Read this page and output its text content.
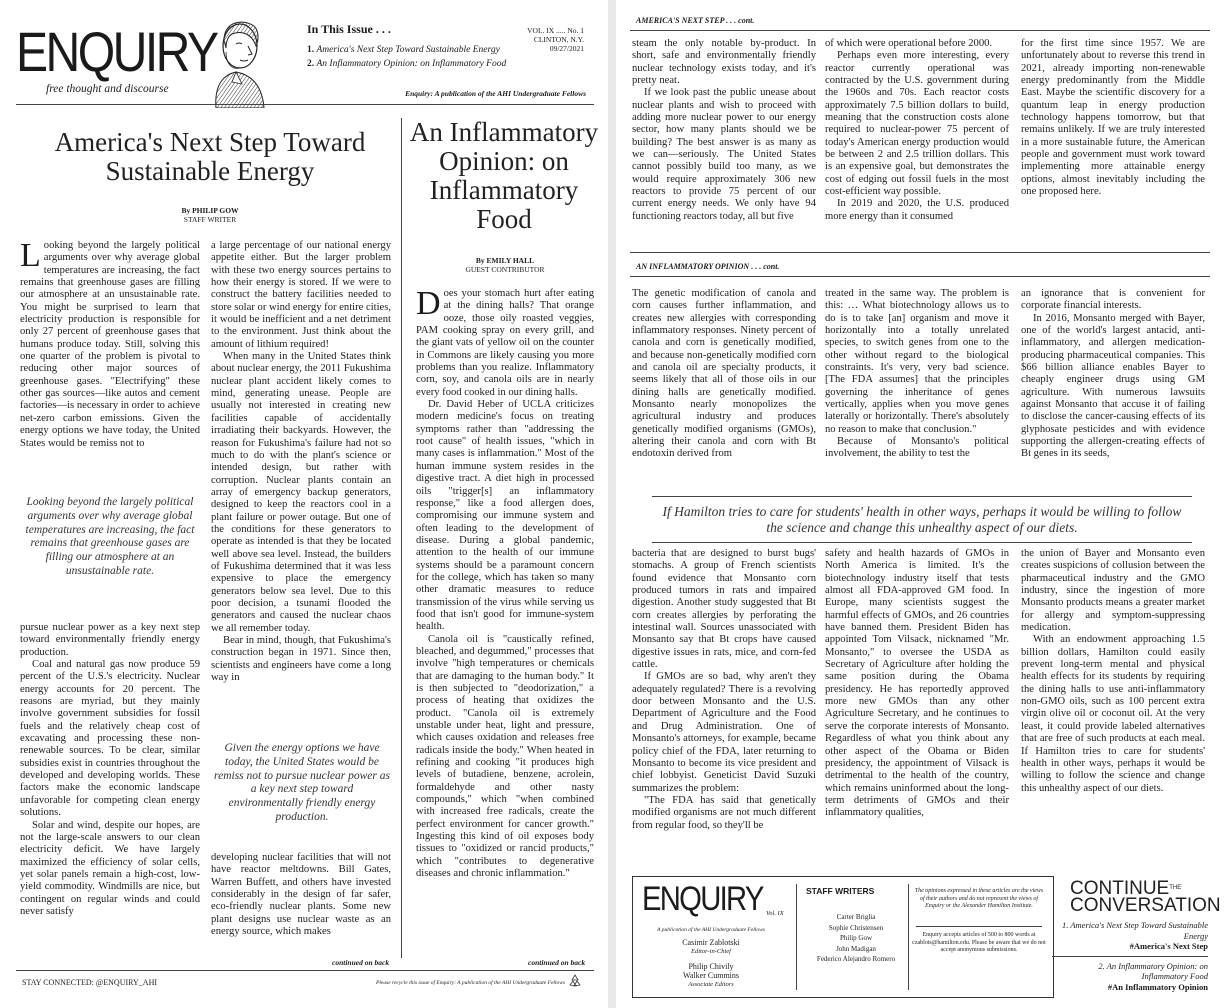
ENQUIRY
free thought and discourse
In This Issue . . .
1. America's Next Step Toward Sustainable Energy
2. An Inflammatory Opinion: on Inflammatory Food
VOL. IX ..... No. 1
CLINTON, N.Y.
09/27/2021
Enquiry: A publication of the AHI Undergraduate Fellows
America's Next Step Toward Sustainable Energy
By PHILIP GOW
STAFF WRITER

Looking beyond the largely political arguments over why average global temperatures are increasing, the fact remains that greenhouse gases are filling our atmosphere at an unsustainable rate. You might be surprised to learn that electricity production is responsible for only 27 percent of greenhouse gases that humans produce today. Still, solving this one quarter of the problem is pivotal to reducing other major sources of greenhouse gases. "Electrifying" these other gas sources—like autos and cement factories—is necessary in order to achieve net-zero carbon emissions. Given the energy options we have today, the United States would be remiss not to

Looking beyond the largely political arguments over why average global temperatures are increasing, the fact remains that greenhouse gases are filling our atmosphere at an unsustainable rate.

pursue nuclear power as a key next step toward environmentally friendly energy production.

Coal and natural gas now produce 59 percent of the U.S.'s electricity. Nuclear energy accounts for 20 percent. The reasons are myriad, but they mainly involve government subsidies for fossil fuels and the relatively cheap cost of excavating and processing these non-renewable sources. To be clear, similar subsidies exist in countries throughout the developed and developing worlds. These factors make the economic landscape unfavorable for competing clean energy solutions.

Solar and wind, despite our hopes, are not the large-scale answers to our clean electricity deficit. We have largely maximized the efficiency of solar cells, yet solar panels remain a high-cost, low-yield commodity. Windmills are nice, but contingent on regular winds and could never satisfy

a large percentage of our national energy appetite either. But the larger problem with these two energy sources pertains to how their energy is stored. If we were to construct the battery facilities needed to store solar or wind energy for entire cities, it would be inefficient and a net detriment to the environment. Just think about the amount of lithium required!

When many in the United States think about nuclear energy, the 2011 Fukushima nuclear plant accident likely comes to mind, generating unease. People are usually not interested in creating new facilities capable of accidentally irradiating their backyards. However, the reason for Fukushima's failure had not so much to do with the plant's science or intended design, but rather with corruption. Nuclear plants contain an array of emergency backup generators, designed to keep the reactors cool in a plant failure or power outage. But one of the conditions for these generators to operate as intended is that they be located well above sea level. Instead, the builders of Fukushima determined that it was less expensive to place the emergency generators below sea level. Due to this poor decision, a tsunami flooded the generators and caused the nuclear chaos we all remember today.

Bear in mind, though, that Fukushima's construction began in 1971. Since then, scientists and engineers have come a long way in

Given the energy options we have today, the United States would be remiss not to pursue nuclear power as a key next step toward environmentally friendly energy production.

developing nuclear facilities that will not have reactor meltdowns. Bill Gates, Warren Buffett, and others have invested considerably in the design of far safer, eco-friendly nuclear plants. Some new plant designs use nuclear waste as an energy source, which makes

continued on back
An Inflammatory Opinion: on Inflammatory Food
By EMILY HALL
GUEST CONTRIBUTOR

Does your stomach hurt after eating at the dining halls? That orange ooze, those oily roasted veggies, PAM cooking spray on every grill, and the giant vats of yellow oil on the counter in Commons are likely causing you more problems than you realize. Inflammatory corn, soy, and canola oils are in nearly every food cooked in our dining halls.

Dr. David Heber of UCLA criticizes modern medicine's focus on treating symptoms rather than "addressing the root cause" of health issues, "which in many cases is inflammation." Most of the human immune system resides in the digestive tract. A diet high in processed oils "trigger[s] an inflammatory response," like a food allergen does, compromising our immune system and often leading to the development of disease. During a global pandemic, attention to the health of our immune systems should be a paramount concern for the college, which has taken so many other dramatic measures to reduce transmission of the virus while serving us food that isn't good for immune-system health.

Canola oil is "caustically refined, bleached, and degummed," processes that involve "high temperatures or chemicals that are damaging to the human body." It is then subjected to "deodorization," a process of heating that oxidizes the product. "Canola oil is extremely unstable under heat, light and pressure, which causes oxidation and releases free radicals inside the body." When heated in refining and cooking "it produces high levels of butadiene, benzene, acrolein, formaldehyde and other nasty compounds," which "when combined with increased free radicals, create the perfect environment for cancer growth." Ingesting this kind of oil exposes body tissues to "oxidized or rancid products," which "contributes to degenerative diseases and chronic inflammation."

continued on back
STAY CONNECTED: @ENQUIRY_AHI	Please recycle this issue of Enquiry: A publication of the AHI Undergraduate Fellows
AMERICA'S NEXT STEP . . . cont.

steam the only notable by-product. In short, safe and environmentally friendly nuclear technology exists today, and it's pretty neat.

If we look past the public unease about nuclear plants and wish to proceed with adding more nuclear power to our energy sector, how many plants should we be building? The best answer is as many as we can—seriously. The United States cannot possibly build too many, as we would require approximately 306 new reactors to provide 75 percent of our current energy needs. We only have 94 functioning reactors today, all but five

of which were operational before 2000.

Perhaps even more interesting, every reactor currently operational was contracted by the U.S. government during the 1960s and 70s. Each reactor costs approximately 7.5 billion dollars to build, meaning that the construction costs alone required to nuclear-power 75 percent of today's American energy production would be between 2 and 2.5 trillion dollars. This is an expensive goal, but demonstrates the cost of edging out fossil fuels in the most cost-efficient way possible.

In 2019 and 2020, the U.S. produced more energy than it consumed

for the first time since 1957. We are unfortunately about to reverse this trend in 2021, already importing non-renewable energy predominantly from the Middle East. Maybe the scientific discovery for a quantum leap in energy production technology happens tomorrow, but that remains unlikely. If we are truly interested in a more sustainable future, the American people and government must work toward implementing more attainable energy options, almost inevitably including the one proposed here.

AN INFLAMMATORY OPINION . . . cont.

The genetic modification of canola and corn causes further inflammation, and creates new allergies with corresponding inflammatory responses. Ninety percent of canola and corn is genetically modified, and because non-genetically modified corn and canola oil are specialty products, it seems likely that all of those oils in our dining halls are genetically modified. Monsanto nearly monopolizes the agricultural industry and produces genetically modified organisms (GMOs), altering their canola and corn with Bt endotoxin derived from

treated in the same way. The problem is this: … What biotechnology allows us to do is to take [an] organism and move it horizontally into a totally unrelated species, to switch genes from one to the other without regard to the biological constraints. It's very, very bad science. [The FDA assumes] that the principles governing the inheritance of genes vertically, applies when you move genes laterally or horizontally. There's absolutely no reason to make that conclusion."

Because of Monsanto's political involvement, the ability to test the

an ignorance that is convenient for corporate financial interests.

In 2016, Monsanto merged with Bayer, one of the world's largest antacid, anti-inflammatory, and allergen medication-producing pharmaceutical companies. This $66 billion alliance enables Bayer to cheaply engineer drugs using GM agriculture. With numerous lawsuits against Monsanto that accuse it of failing to disclose the cancer-causing effects of its glyphosate pesticides and with evidence supporting the allergen-creating effects of Bt genes in its seeds,

If Hamilton tries to care for students' health in other ways, perhaps it would be willing to follow the science and change this unhealthy aspect of our diets.

bacteria that are designed to burst bugs' stomachs. A group of French scientists found evidence that Monsanto corn produced tumors in rats and impaired digestion. Another study suggested that Bt corn creates allergies by perforating the intestinal wall. Sources unassociated with Monsanto say that Bt crops have caused digestive issues in rats, mice, and corn-fed cattle.

If GMOs are so bad, why aren't they adequately regulated? There is a revolving door between Monsanto and the U.S. Department of Agriculture and the Food and Drug Administration. One of Monsanto's attorneys, for example, became policy chief of the FDA, later returning to Monsanto to become its vice president and chief lobbyist. Geneticist David Suzuki summarizes the problem:

"The FDA has said that genetically modified organisms are not much different from regular food, so they'll be

safety and health hazards of GMOs in North America is limited. It's the biotechnology industry itself that tests almost all FDA-approved GM food. In Europe, many scientists suggest the harmful effects of GMOs, and 26 countries have banned them. President Biden has appointed Tom Vilsack, nicknamed "Mr. Monsanto," to oversee the USDA as Secretary of Agriculture after holding the same position during the Obama presidency. He has reportedly approved more new GMOs than any other Agriculture Secretary, and he continues to serve the corporate interests of Monsanto. Regardless of what you think about any other aspect of the Obama or Biden presidency, the appointment of Vilsack is detrimental to the health of the country, which remains uninformed about the long-term detriments of GMOs and their inflammatory qualities,

the union of Bayer and Monsanto even creates suspicions of collusion between the pharmaceutical industry and the GMO industry, since the ingestion of more Monsanto products means a greater market for allergy and symptom-suppressing medication.

With an endowment approaching 1.5 billion dollars, Hamilton could easily prevent long-term mental and physical health effects for its students by requiring the dining halls to use anti-inflammatory non-GMO oils, such as 100 percent extra virgin olive oil or coconut oil. At the very least, it could provide labeled alternatives that are free of such products at each meal. If Hamilton tries to care for students' health in other ways, perhaps it would be willing to follow the science and change this unhealthy aspect of our diets.

ENQUIRY Vol. IX
A publication of the AHI Undergraduate Fellows
Casimir Zablotski
Editor-in-Chief
Philip Chivily
Walker Cummins
Associate Editors
STAFF WRITERS
Carter Briglia
Sophie Christensen
Philip Gow
John Madigan
Federico Alejandro Romero
The opinions expressed in these articles are the views of their authors and do not represent the views of Enquiry or the Alexander Hamilton Institute.
Enquiry accepts articles of 500 to 800 words at czablots@hamilton.edu. Please be aware that we do not accept anonymous submissions.
$CONTINUE^{THE}$
CONVERSATION
1. America's Next Step Toward Sustainable Energy
#America's Next Step
2. An Inflammatory Opinion: on Inflammatory Food
#An Inflammatory Opinion
